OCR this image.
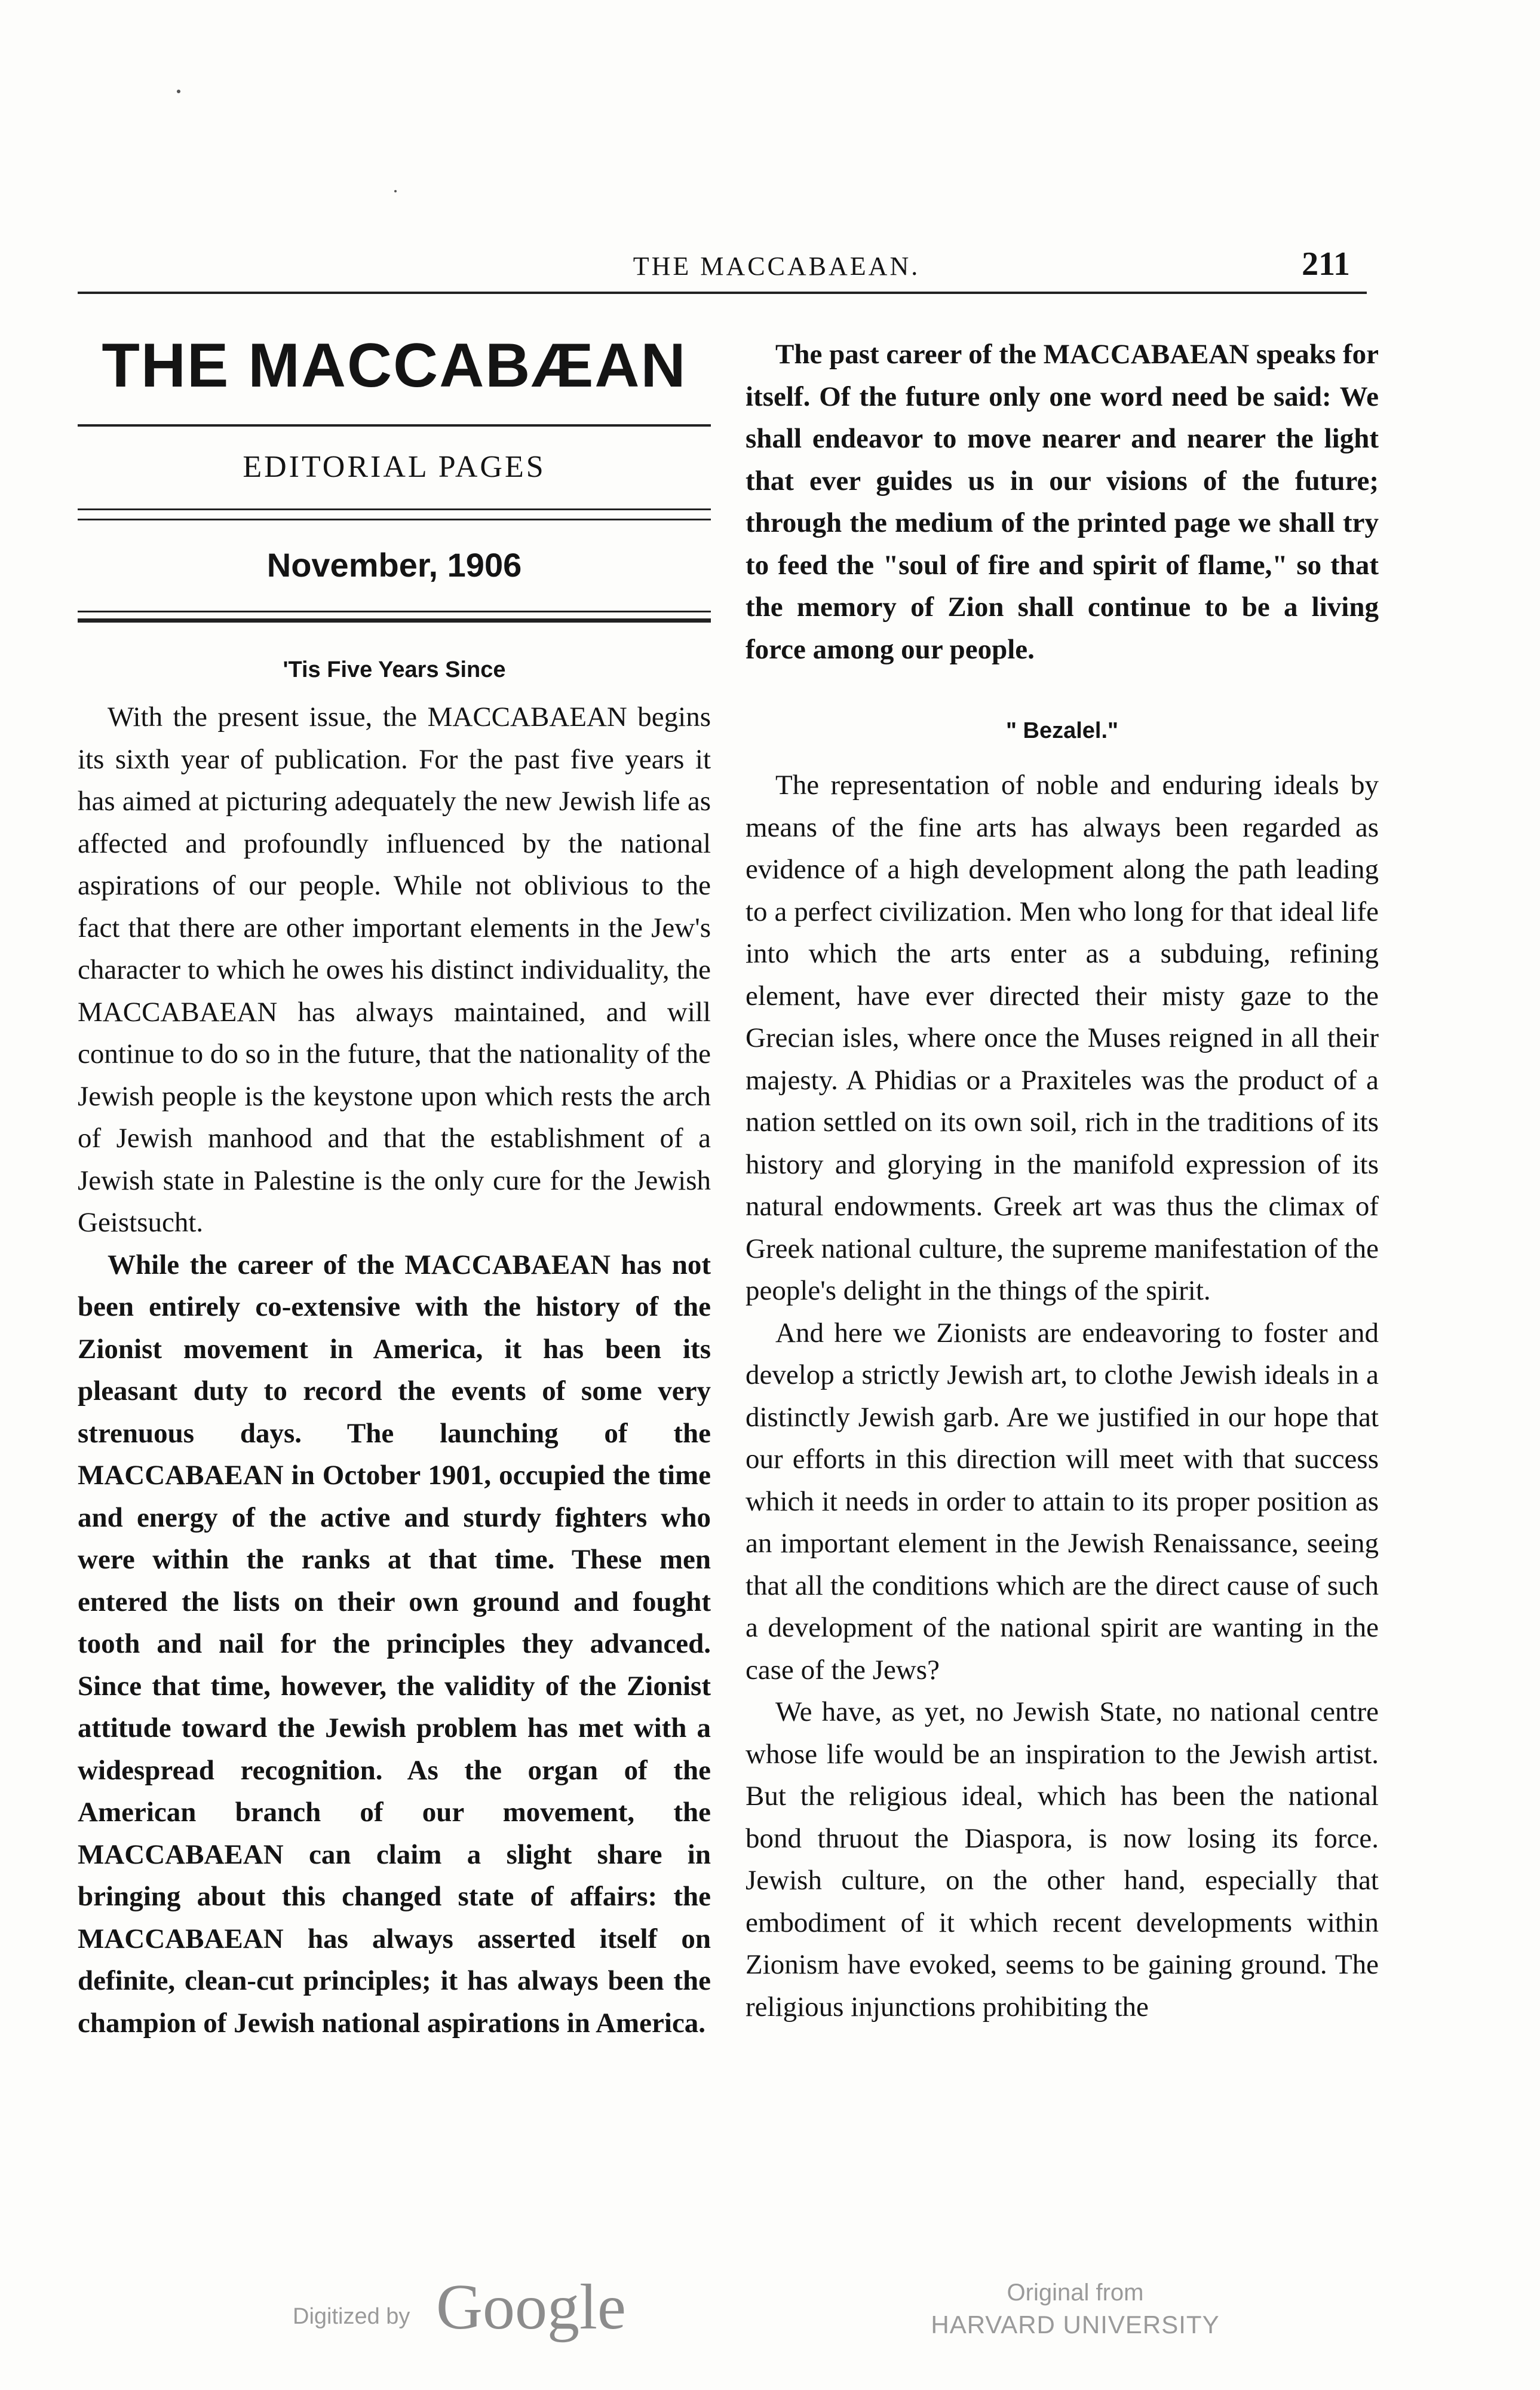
THE MACCABAEAN.	211
THE MACCABÆAN
EDITORIAL PAGES
November, 1906
'Tis Five Years Since

With the present issue, the MACCABAEAN begins its sixth year of publication. For the past five years it has aimed at picturing adequately the new Jewish life as affected and profoundly influenced by the national aspirations of our people. While not oblivious to the fact that there are other important elements in the Jew's character to which he owes his distinct individuality, the MACCABAEAN has always maintained, and will continue to do so in the future, that the nationality of the Jewish people is the keystone upon which rests the arch of Jewish manhood and that the establishment of a Jewish state in Palestine is the only cure for the Jewish Geistsucht.

While the career of the MACCABAEAN has not been entirely co-extensive with the history of the Zionist movement in America, it has been its pleasant duty to record the events of some very strenuous days. The launching of the MACCABAEAN in October 1901, occupied the time and energy of the active and sturdy fighters who were within the ranks at that time. These men entered the lists on their own ground and fought tooth and nail for the principles they advanced. Since that time, however, the validity of the Zionist attitude toward the Jewish problem has met with a widespread recognition. As the organ of the American branch of our movement, the MACCABAEAN can claim a slight share in bringing about this changed state of affairs: the MACCABAEAN has always asserted itself on definite, clean-cut principles; it has always been the champion of Jewish national aspirations in America.

The past career of the MACCABAEAN speaks for itself. Of the future only one word need be said: We shall endeavor to move nearer and nearer the light that ever guides us in our visions of the future; through the medium of the printed page we shall try to feed the "soul of fire and spirit of flame," so that the memory of Zion shall continue to be a living force among our people.

" Bezalel."

The representation of noble and enduring ideals by means of the fine arts has always been regarded as evidence of a high development along the path leading to a perfect civilization. Men who long for that ideal life into which the arts enter as a subduing, refining element, have ever directed their misty gaze to the Grecian isles, where once the Muses reigned in all their majesty. A Phidias or a Praxiteles was the product of a nation settled on its own soil, rich in the traditions of its history and glorying in the manifold expression of its natural endowments. Greek art was thus the climax of Greek national culture, the supreme manifestation of the people's delight in the things of the spirit.

And here we Zionists are endeavoring to foster and develop a strictly Jewish art, to clothe Jewish ideals in a distinctly Jewish garb. Are we justified in our hope that our efforts in this direction will meet with that success which it needs in order to attain to its proper position as an important element in the Jewish Renaissance, seeing that all the conditions which are the direct cause of such a development of the national spirit are wanting in the case of the Jews?

We have, as yet, no Jewish State, no national centre whose life would be an inspiration to the Jewish artist. But the religious ideal, which has been the national bond thruout the Diaspora, is now losing its force. Jewish culture, on the other hand, especially that embodiment of it which recent developments within Zionism have evoked, seems to be gaining ground. The religious injunctions prohibiting the

Digitized by Google	Original from
HARVARD UNIVERSITY
